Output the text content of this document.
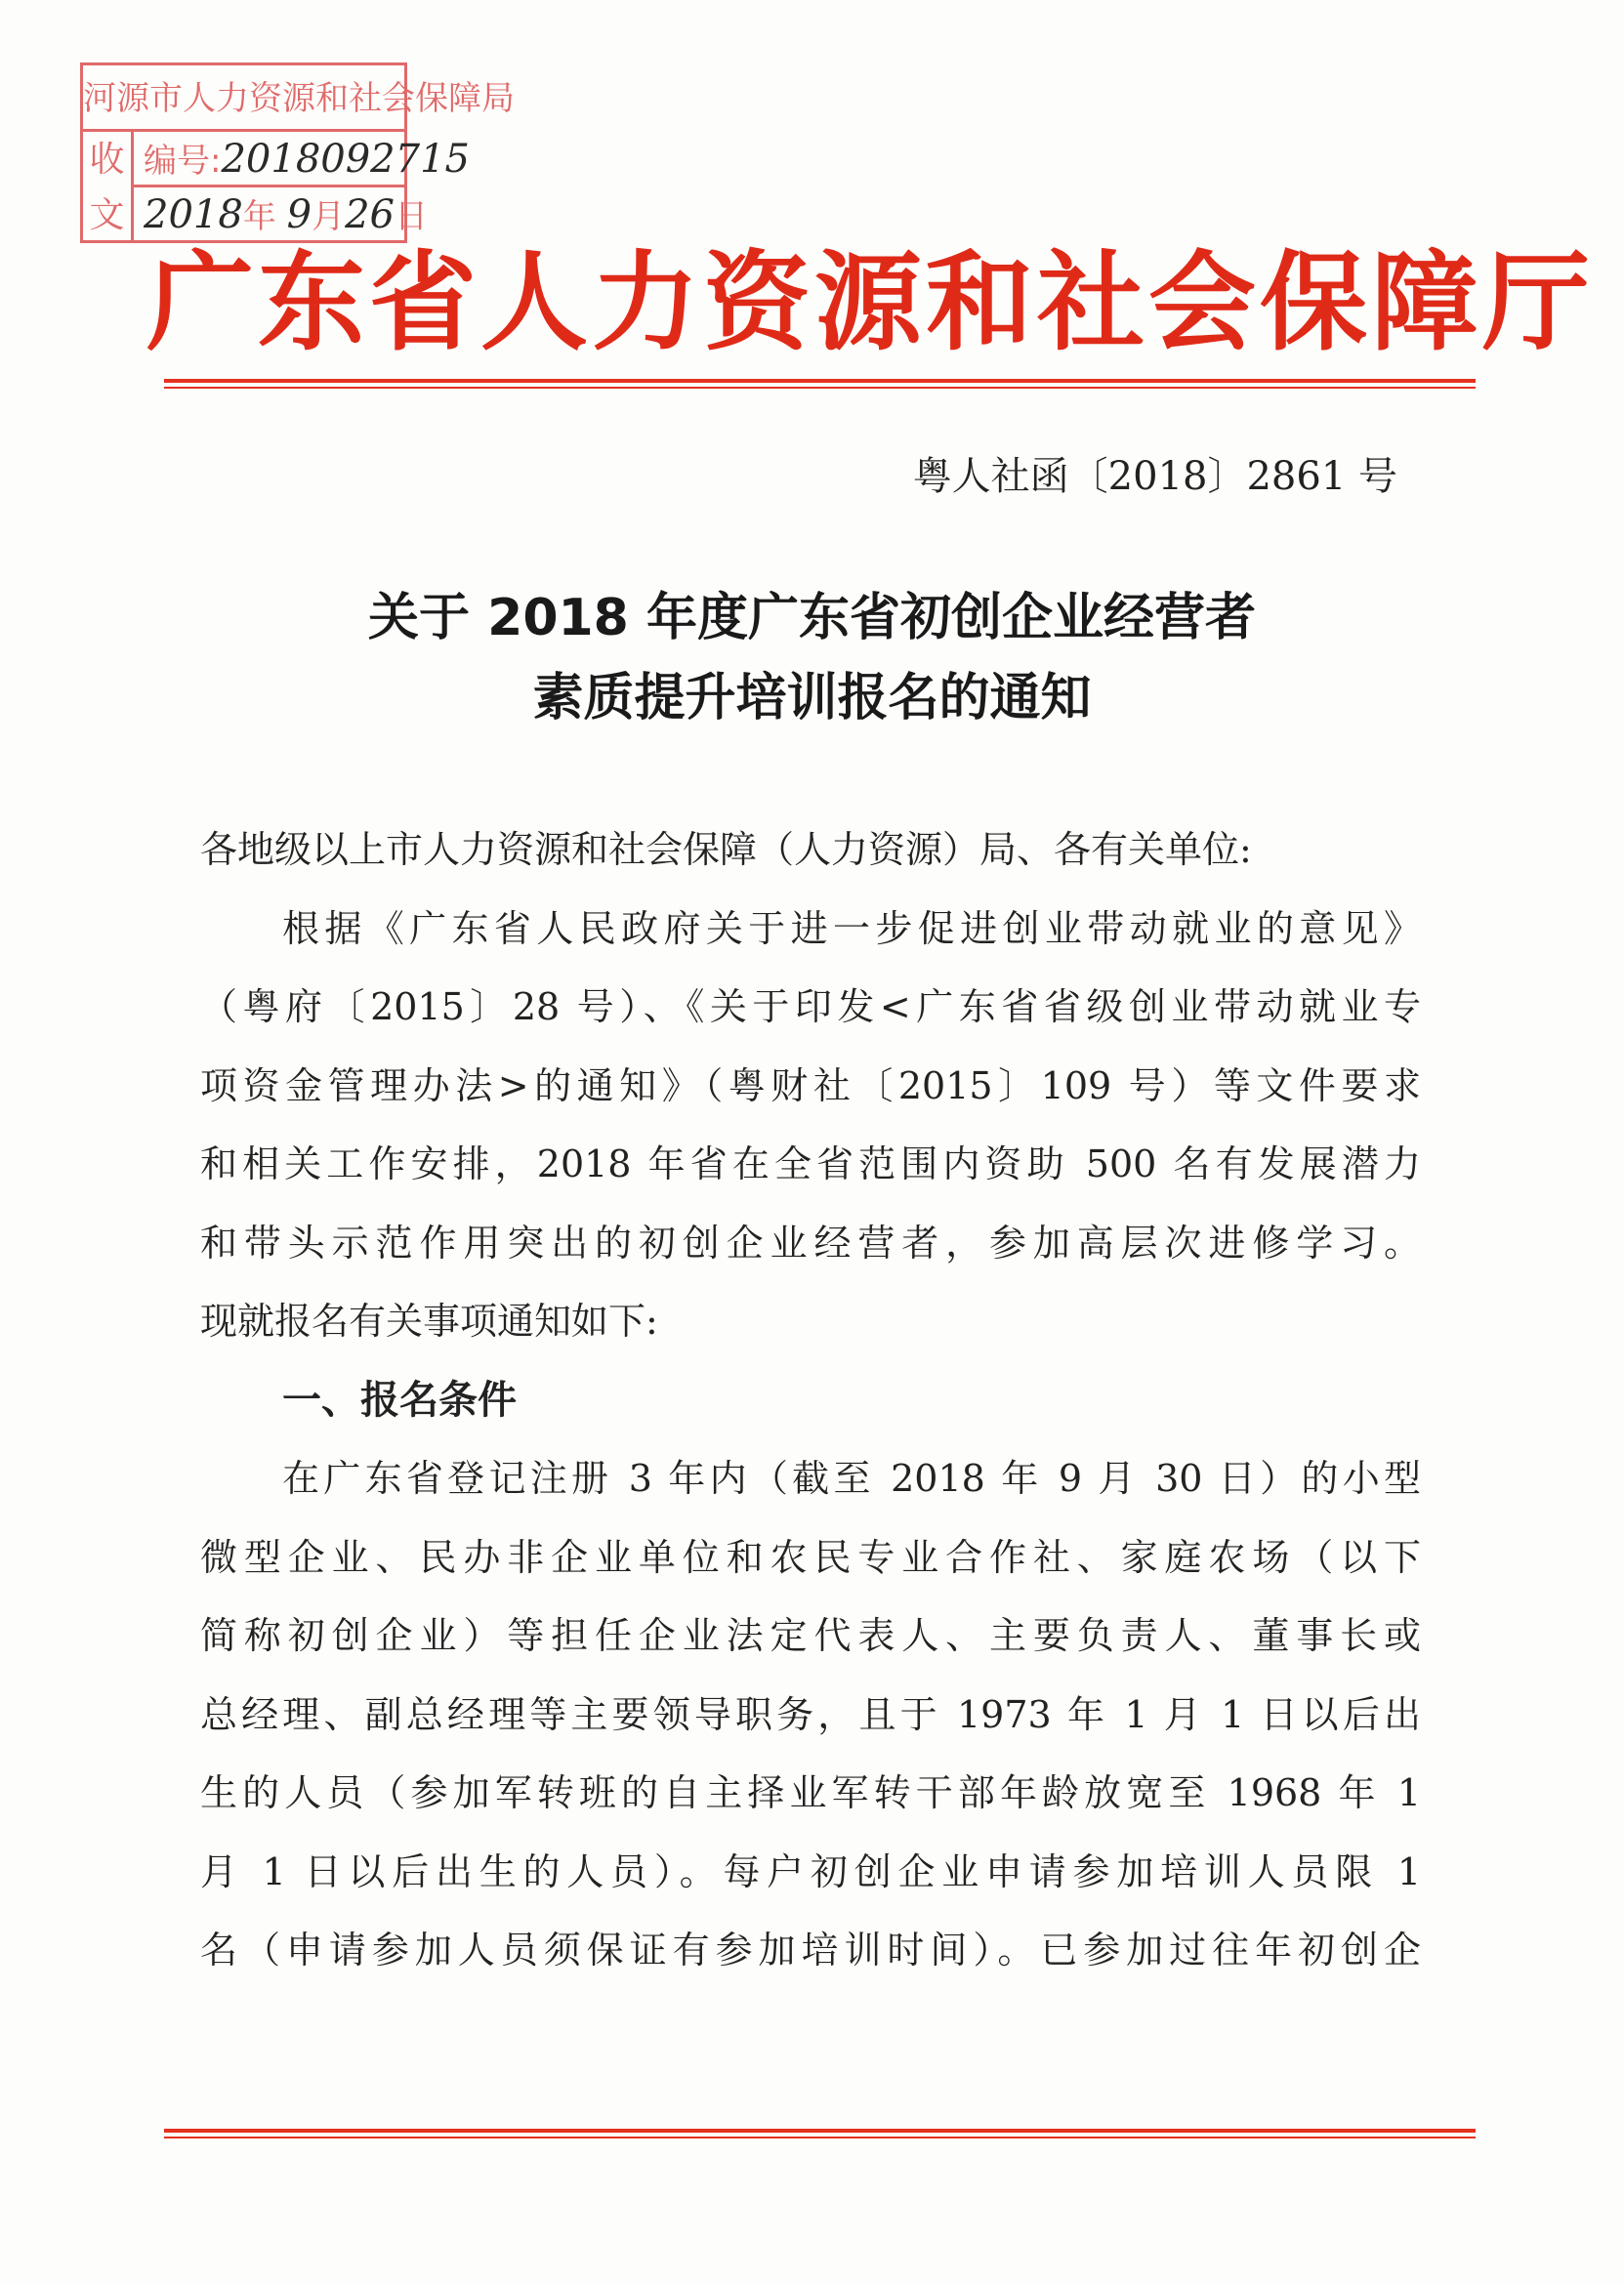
河源市人力资源和社会保障局
收
文
编号:2018092715
2018年 9月26日
广东省人力资源和社会保障厅
粤人社函〔2018〕2861 号
关于 2018 年度广东省初创企业经营者
素质提升培训报名的通知

各地级以上市人力资源和社会保障（人力资源）局、各有关单位:

根据《广东省人民政府关于进一步促进创业带动就业的意见》

（粤府〔2015〕28 号）、《关于印发<广东省省级创业带动就业专

项资金管理办法>的通知》（粤财社〔2015〕109 号）等文件要求

和相关工作安排，2018 年省在全省范围内资助 500 名有发展潜力

和带头示范作用突出的初创企业经营者，参加高层次进修学习。

现就报名有关事项通知如下:

一、报名条件

在广东省登记注册 3 年内（截至 2018 年 9 月 30 日）的小型

微型企业、民办非企业单位和农民专业合作社、家庭农场（以下

简称初创企业）等担任企业法定代表人、主要负责人、董事长或

总经理、副总经理等主要领导职务，且于 1973 年 1 月 1 日以后出

生的人员（参加军转班的自主择业军转干部年龄放宽至 1968 年 1

月 1 日以后出生的人员）。每户初创企业申请参加培训人员限 1

名（申请参加人员须保证有参加培训时间）。已参加过往年初创企
